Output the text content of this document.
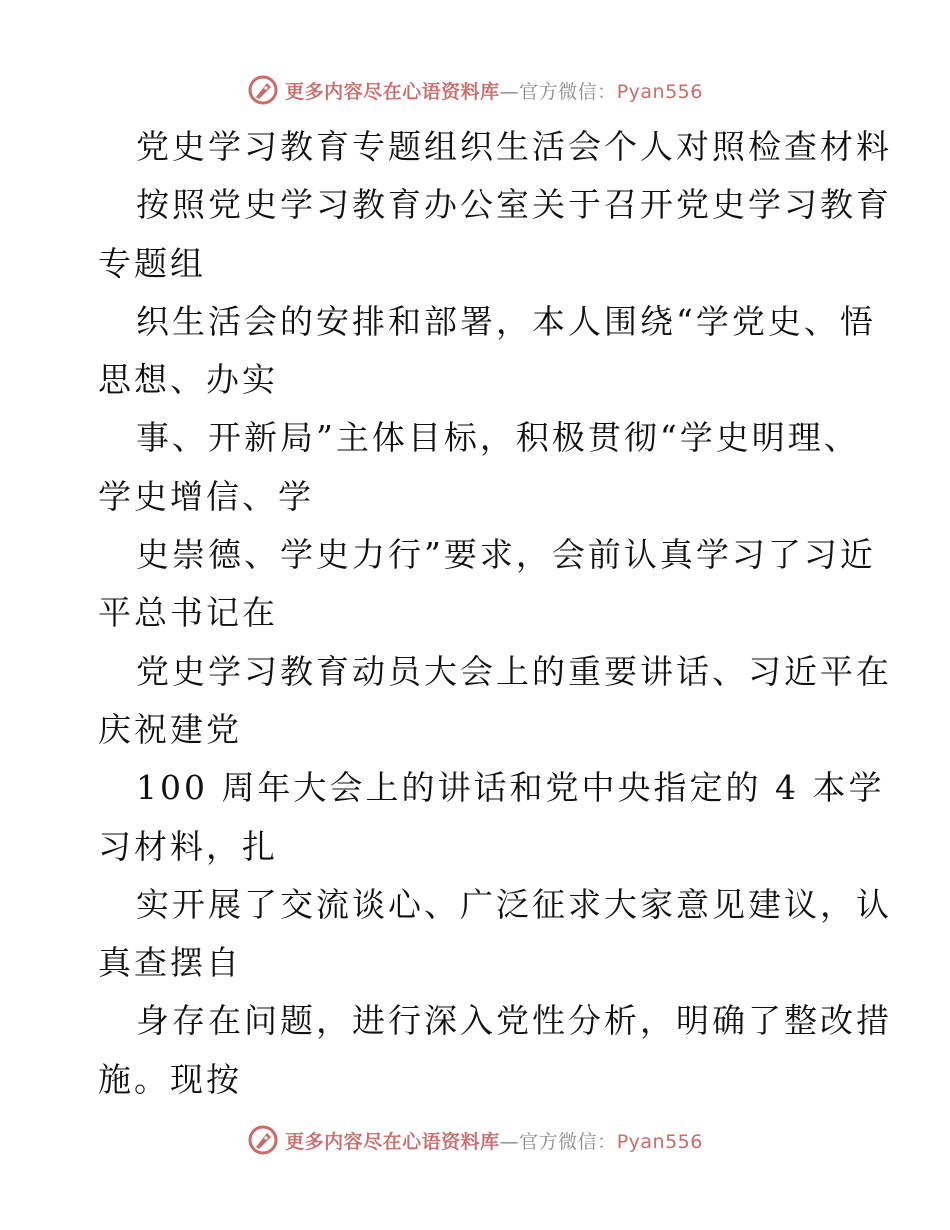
更多内容尽在心语资料库—官方微信：Pyan556
党史学习教育专题组织生活会个人对照检查材料
按照党史学习教育办公室关于召开党史学习教育
专题组
织生活会的安排和部署，本人围绕“学党史、悟
思想、办实
事、开新局”主体目标，积极贯彻“学史明理、
学史增信、学
史崇德、学史力行”要求，会前认真学习了习近
平总书记在
党史学习教育动员大会上的重要讲话、习近平在
庆祝建党
100 周年大会上的讲话和党中央指定的 4 本学
习材料，扎
实开展了交流谈心、广泛征求大家意见建议，认
真查摆自
身存在问题，进行深入党性分析，明确了整改措
施。现按
更多内容尽在心语资料库—官方微信：Pyan556
